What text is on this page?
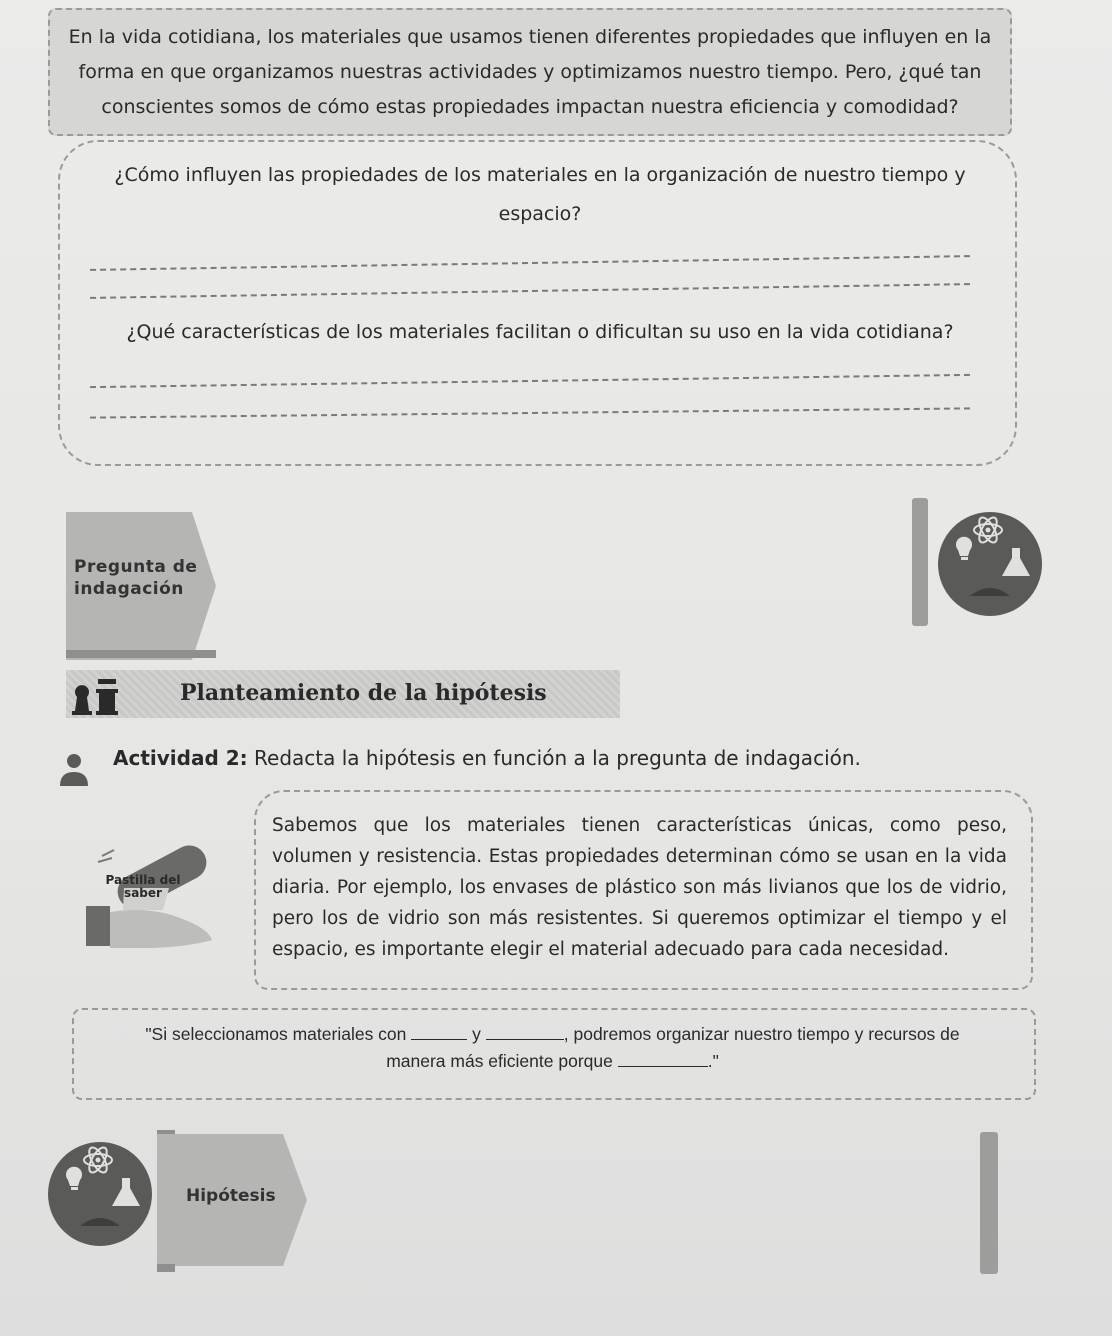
En la vida cotidiana, los materiales que usamos tienen diferentes propiedades que influyen en la
forma en que organizamos nuestras actividades y optimizamos nuestro tiempo. Pero, ¿qué tan
conscientes somos de cómo estas propiedades impactan nuestra eficiencia y comodidad?
¿Cómo influyen las propiedades de los materiales en la organización de nuestro tiempo y
espacio?
¿Qué características de los materiales facilitan o dificultan su uso en la vida cotidiana?
Pregunta de
indagación
Planteamiento de la hipótesis
Actividad 2: Redacta la hipótesis en función a la pregunta de indagación.
Pastilla del
saber
Sabemos que los materiales tienen características únicas, como peso, volumen y resistencia. Estas propiedades determinan cómo se usan en la vida diaria. Por ejemplo, los envases de plástico son más livianos que los de vidrio, pero los de vidrio son más resistentes. Si queremos optimizar el tiempo y el espacio, es importante elegir el material adecuado para cada necesidad.
"Si seleccionamos materiales con	y	, podremos organizar nuestro tiempo y recursos de
manera más eficiente porque	."
Hipótesis
